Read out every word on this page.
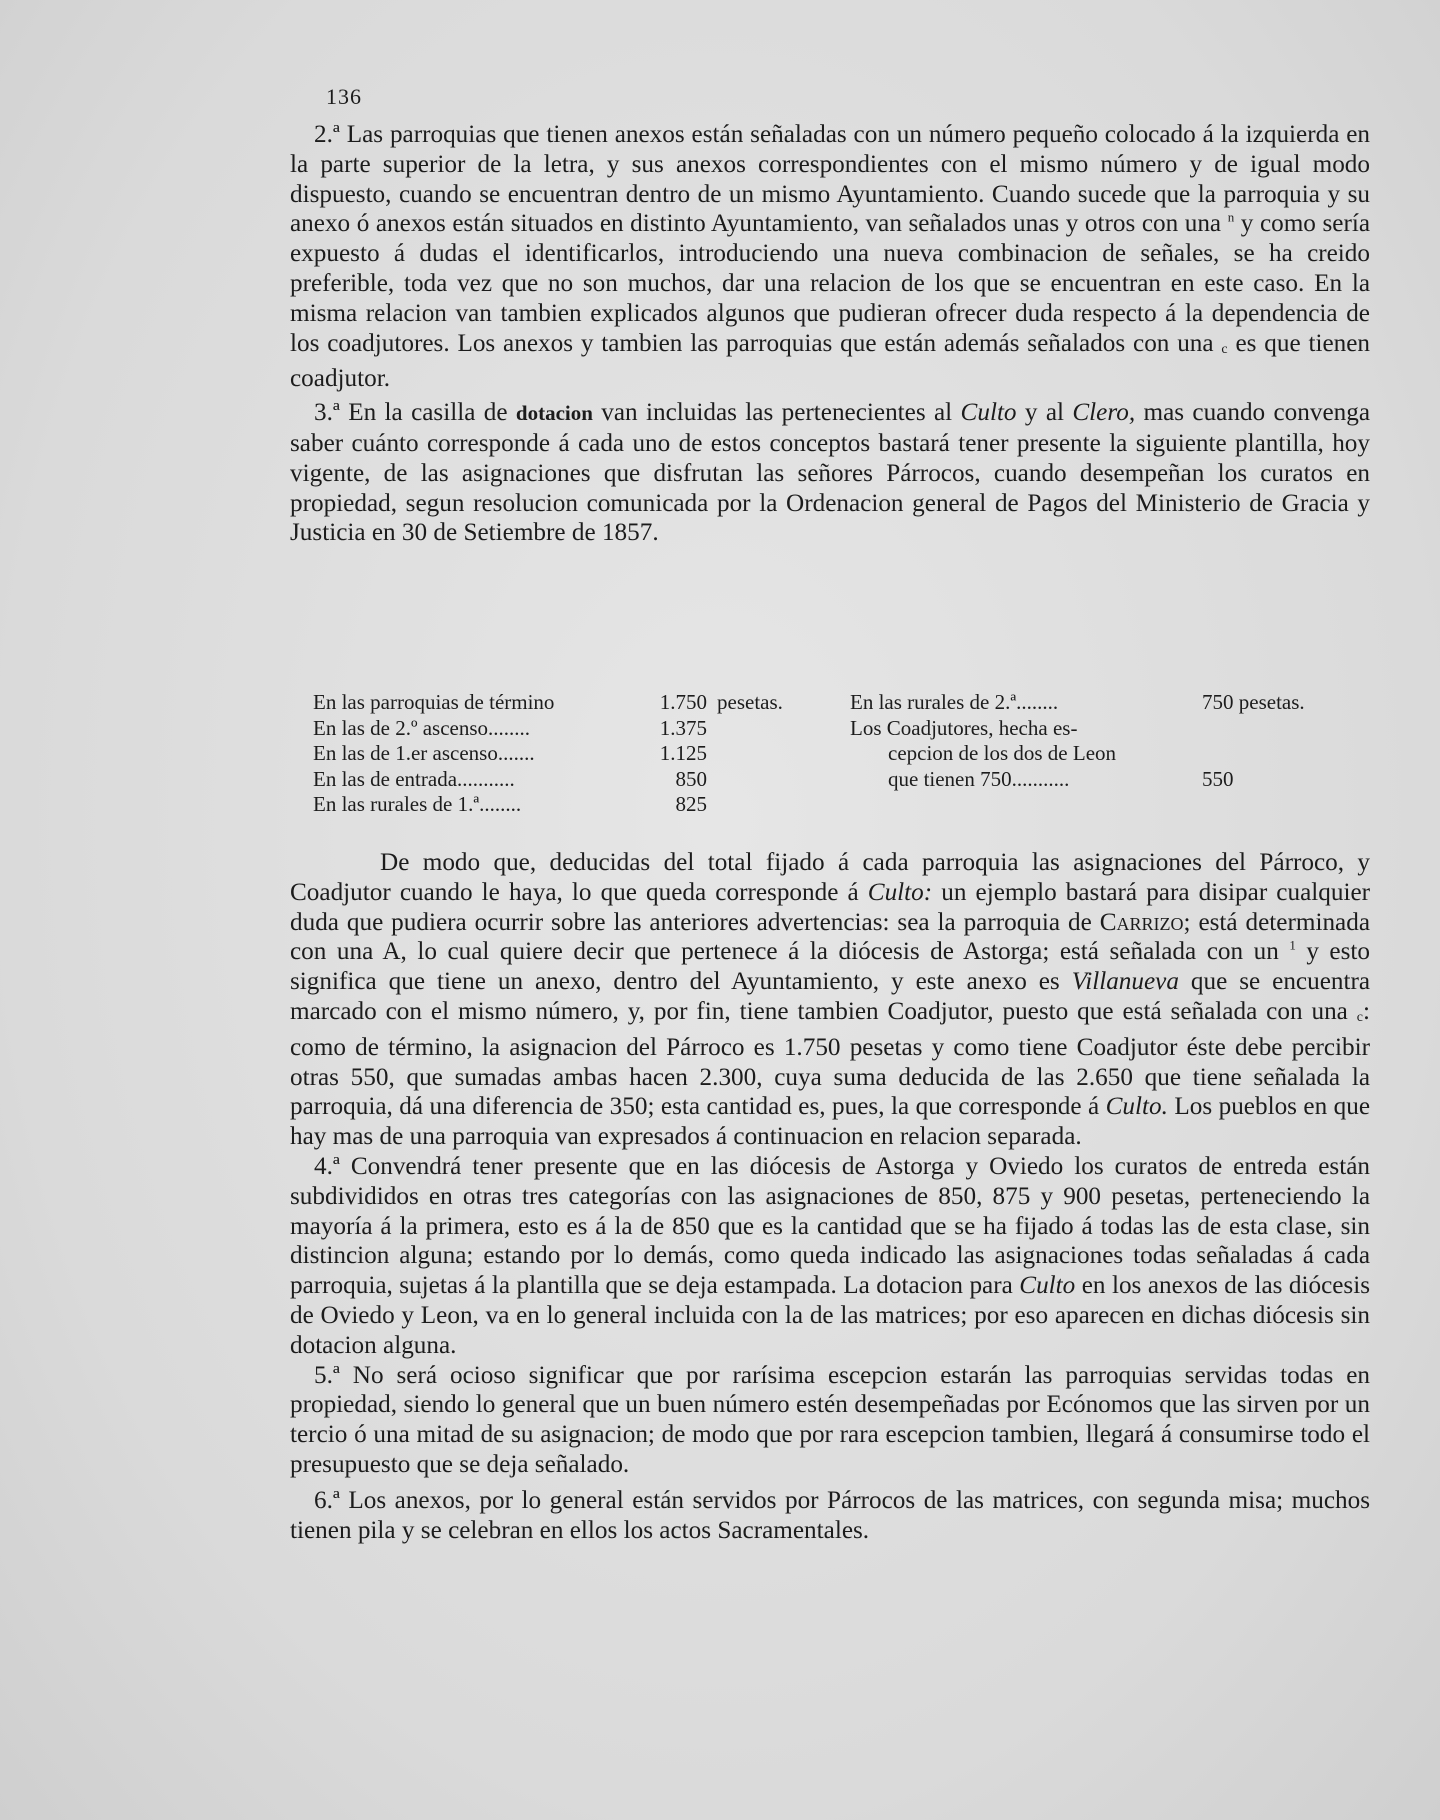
136

2.ª Las parroquias que tienen anexos están señaladas con un número pequeño colocado á la izquierda en la parte superior de la letra, y sus anexos correspondientes con el mismo número y de igual modo dispuesto, cuando se encuentran dentro de un mismo Ayuntamiento. Cuando sucede que la parroquia y su anexo ó anexos están situados en distinto Ayuntamiento, van señalados unas y otros con una $^n$ y como sería expuesto á dudas el identificarlos, introduciendo una nueva combinacion de señales, se ha creido preferible, toda vez que no son muchos, dar una relacion de los que se encuentran en este caso. En la misma relacion van tambien explicados algunos que pudieran ofrecer duda respecto á la dependencia de los coadjutores. Los anexos y tambien las parroquias que están además señalados con una c es que tienen coadjutor.

3.ª En la casilla de dotacion van incluidas las pertenecientes al Culto y al Clero, mas cuando convenga saber cuánto corresponde á cada uno de estos conceptos bastará tener presente la siguiente plantilla, hoy vigente, de las asignaciones que disfrutan las señores Párrocos, cuando desempeñan los curatos en propiedad, segun resolucion comunicada por la Ordenacion general de Pagos del Ministerio de Gracia y Justicia en 30 de Setiembre de 1857.

En las parroquias de término	1.750 pesetas.
En las de 2.º ascenso........	1.375
En las de 1.er ascenso.......	1.125
En las de entrada...........	850
En las rurales de 1.ª........	825
En las rurales de 2.ª........	750 pesetas.
Los Coadjutores, hecha es-
cepcion de los dos de Leon
que tienen 750...........	550

De modo que, deducidas del total fijado á cada parroquia las asignaciones del Párroco, y Coadjutor cuando le haya, lo que queda corresponde á Culto: un ejemplo bastará para disipar cualquier duda que pudiera ocurrir sobre las anteriores advertencias: sea la parroquia de Carrizo; está determinada con una A, lo cual quiere decir que pertenece á la diócesis de Astorga; está señalada con un $^1$ y esto significa que tiene un anexo, dentro del Ayuntamiento, y este anexo es Villanueva que se encuentra marcado con el mismo número, y, por fin, tiene tambien Coadjutor, puesto que está señalada con una c: como de término, la asignacion del Párroco es 1.750 pesetas y como tiene Coadjutor éste debe percibir otras 550, que sumadas ambas hacen 2.300, cuya suma deducida de las 2.650 que tiene señalada la parroquia, dá una diferencia de 350; esta cantidad es, pues, la que corresponde á Culto. Los pueblos en que hay mas de una parroquia van expresados á continuacion en relacion separada.

4.ª Convendrá tener presente que en las diócesis de Astorga y Oviedo los curatos de entreda están subdivididos en otras tres categorías con las asignaciones de 850, 875 y 900 pesetas, perteneciendo la mayoría á la primera, esto es á la de 850 que es la cantidad que se ha fijado á todas las de esta clase, sin distincion alguna; estando por lo demás, como queda indicado las asignaciones todas señaladas á cada parroquia, sujetas á la plantilla que se deja estampada. La dotacion para Culto en los anexos de las diócesis de Oviedo y Leon, va en lo general incluida con la de las matrices; por eso aparecen en dichas diócesis sin dotacion alguna.

5.ª No será ocioso significar que por rarísima escepcion estarán las parroquias servidas todas en propiedad, siendo lo general que un buen número estén desempeñadas por Ecónomos que las sirven por un tercio ó una mitad de su asignacion; de modo que por rara escepcion tambien, llegará á consumirse todo el presupuesto que se deja señalado.

6.ª Los anexos, por lo general están servidos por Párrocos de las matrices, con segunda misa; muchos tienen pila y se celebran en ellos los actos Sacramentales.
